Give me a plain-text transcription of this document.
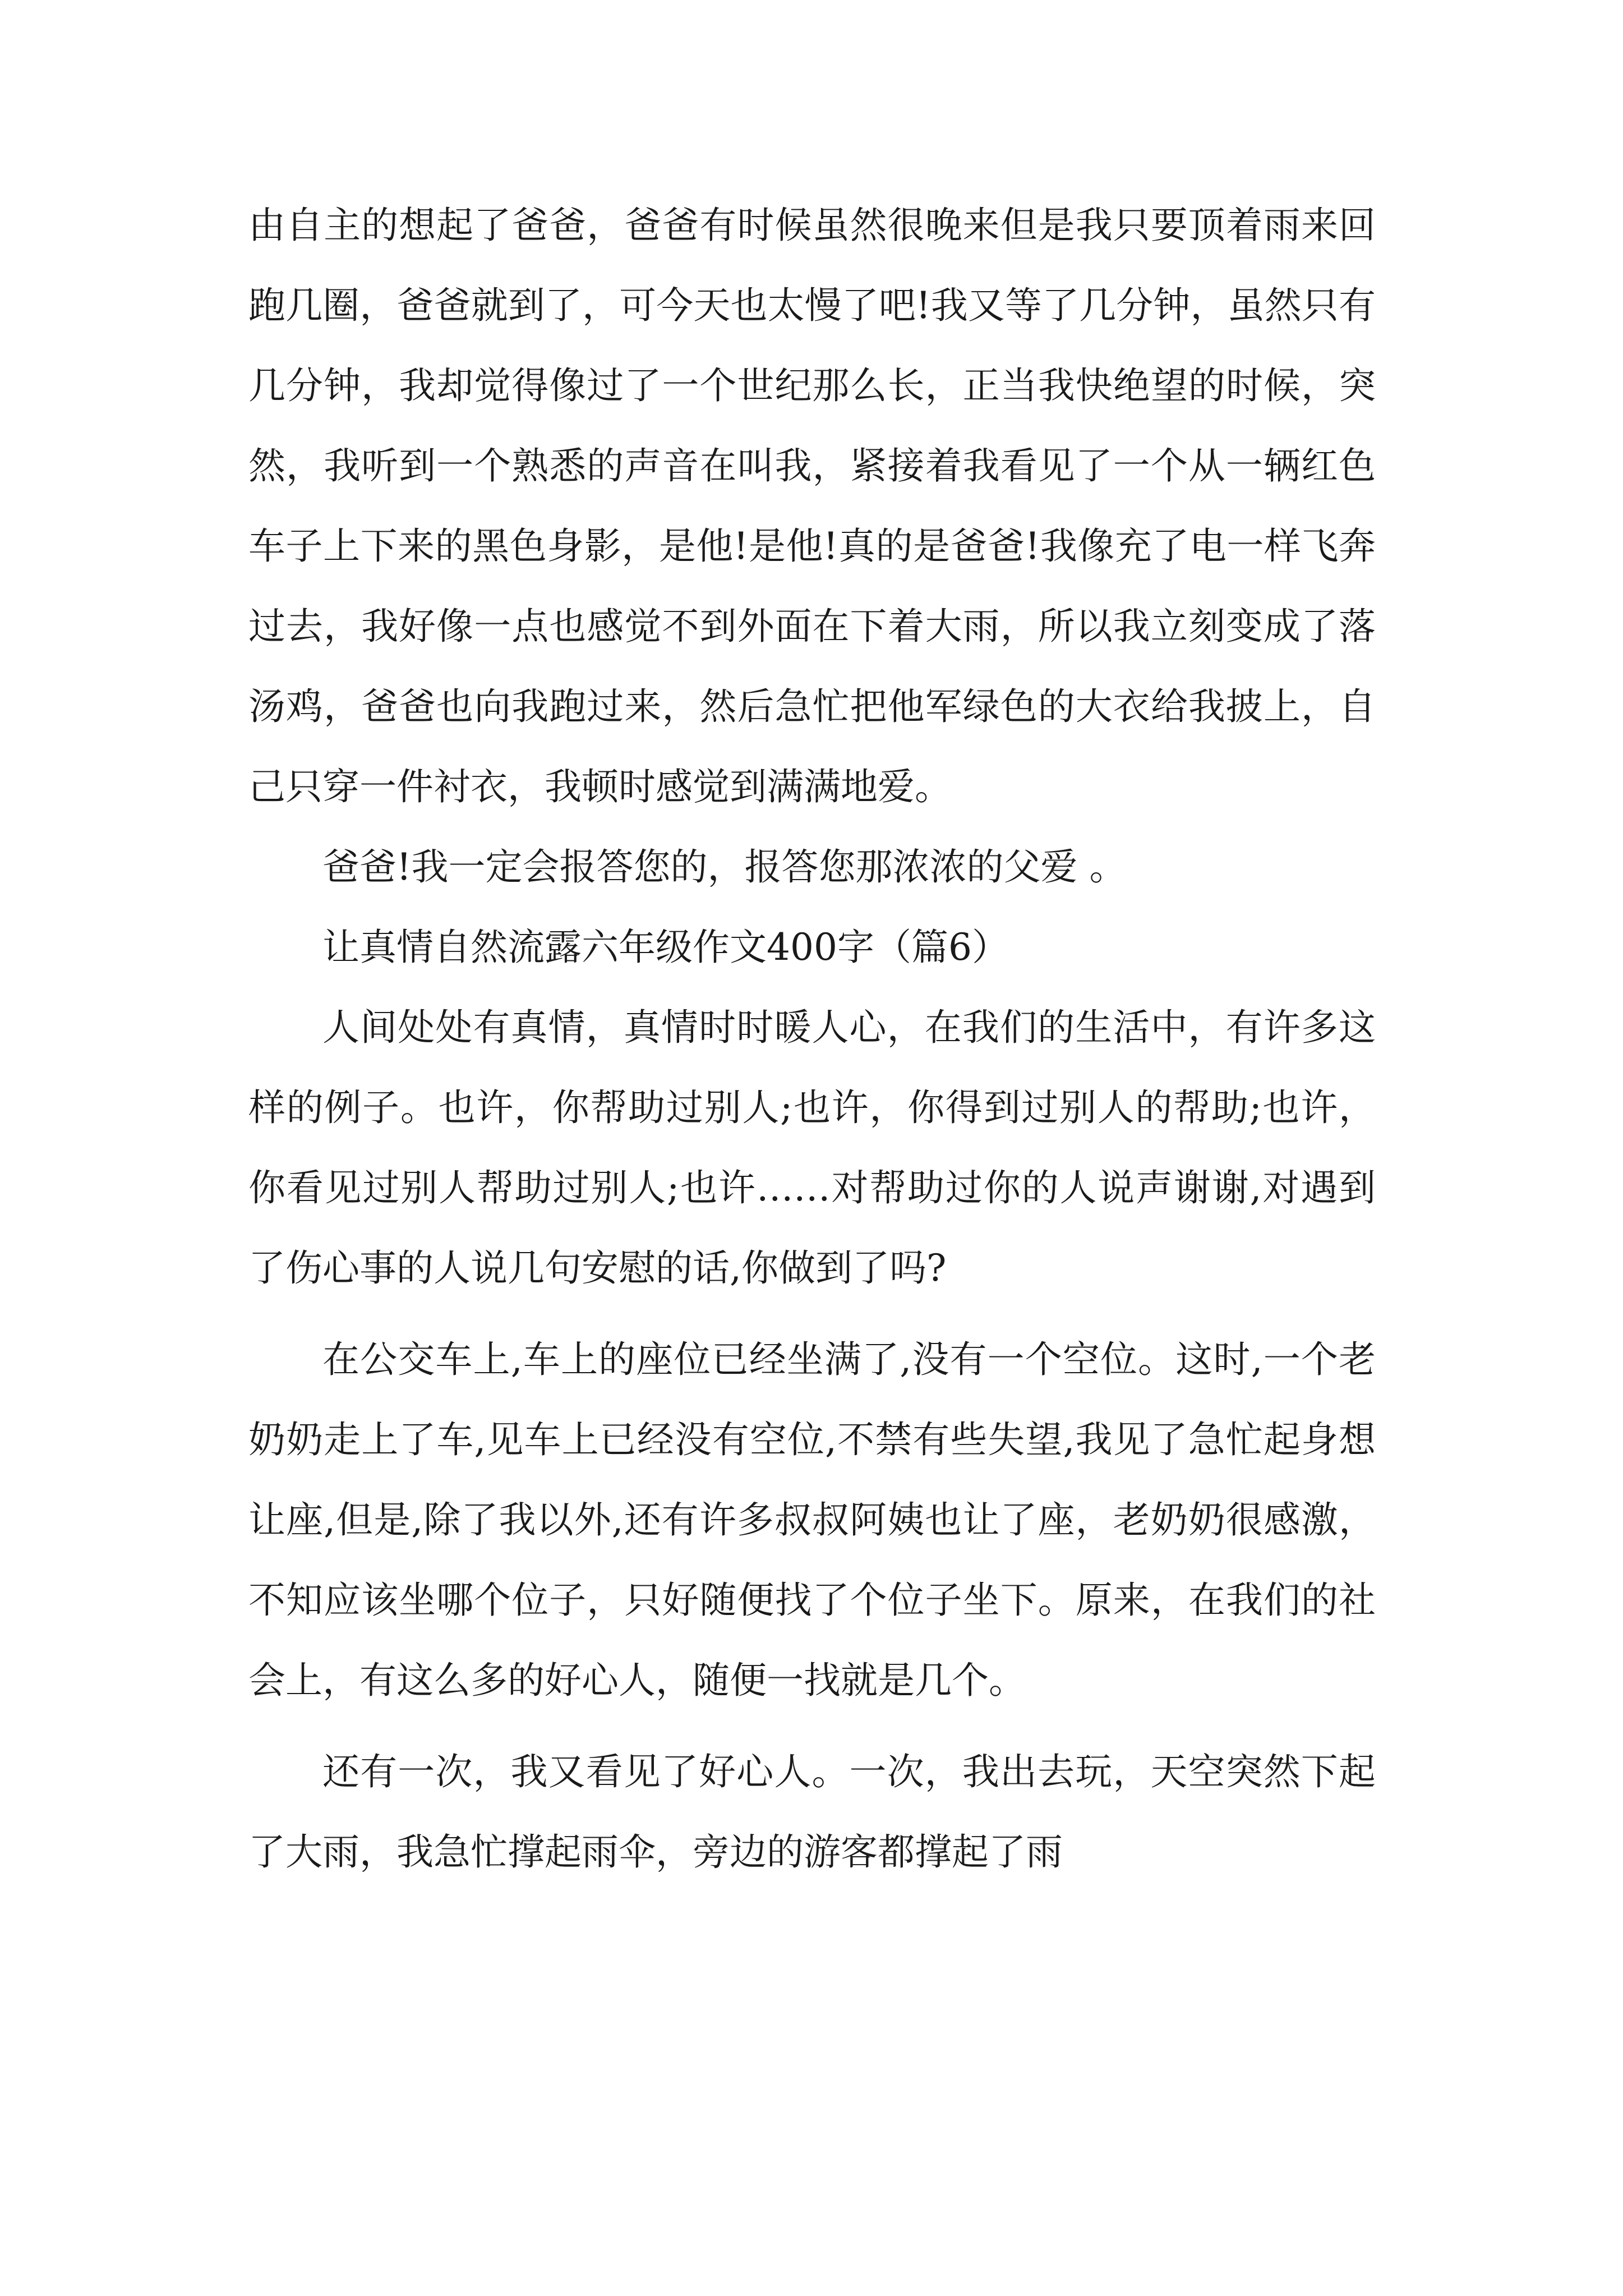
由自主的想起了爸爸，爸爸有时候虽然很晚来但是我只要顶着雨来回跑几圈，爸爸就到了，可今天也太慢了吧!我又等了几分钟，虽然只有几分钟，我却觉得像过了一个世纪那么长，正当我快绝望的时候，突然，我听到一个熟悉的声音在叫我，紧接着我看见了一个从一辆红色车子上下来的黑色身影，是他!是他!真的是爸爸!我像充了电一样飞奔过去，我好像一点也感觉不到外面在下着大雨，所以我立刻变成了落汤鸡，爸爸也向我跑过来，然后急忙把他军绿色的大衣给我披上，自己只穿一件衬衣，我顿时感觉到满满地爱。

爸爸!我一定会报答您的，报答您那浓浓的父爱 。

让真情自然流露六年级作文400字（篇6）

人间处处有真情，真情时时暖人心，在我们的生活中，有许多这样的例子。也许，你帮助过别人;也许，你得到过别人的帮助;也许，你看见过别人帮助过别人;也许……对帮助过你的人说声谢谢,对遇到了伤心事的人说几句安慰的话,你做到了吗?

在公交车上,车上的座位已经坐满了,没有一个空位。这时,一个老奶奶走上了车,见车上已经没有空位,不禁有些失望,我见了急忙起身想让座,但是,除了我以外,还有许多叔叔阿姨也让了座，老奶奶很感激，不知应该坐哪个位子，只好随便找了个位子坐下。原来，在我们的社会上，有这么多的好心人，随便一找就是几个。

还有一次，我又看见了好心人。一次，我出去玩，天空突然下起了大雨，我急忙撑起雨伞，旁边的游客都撑起了雨
